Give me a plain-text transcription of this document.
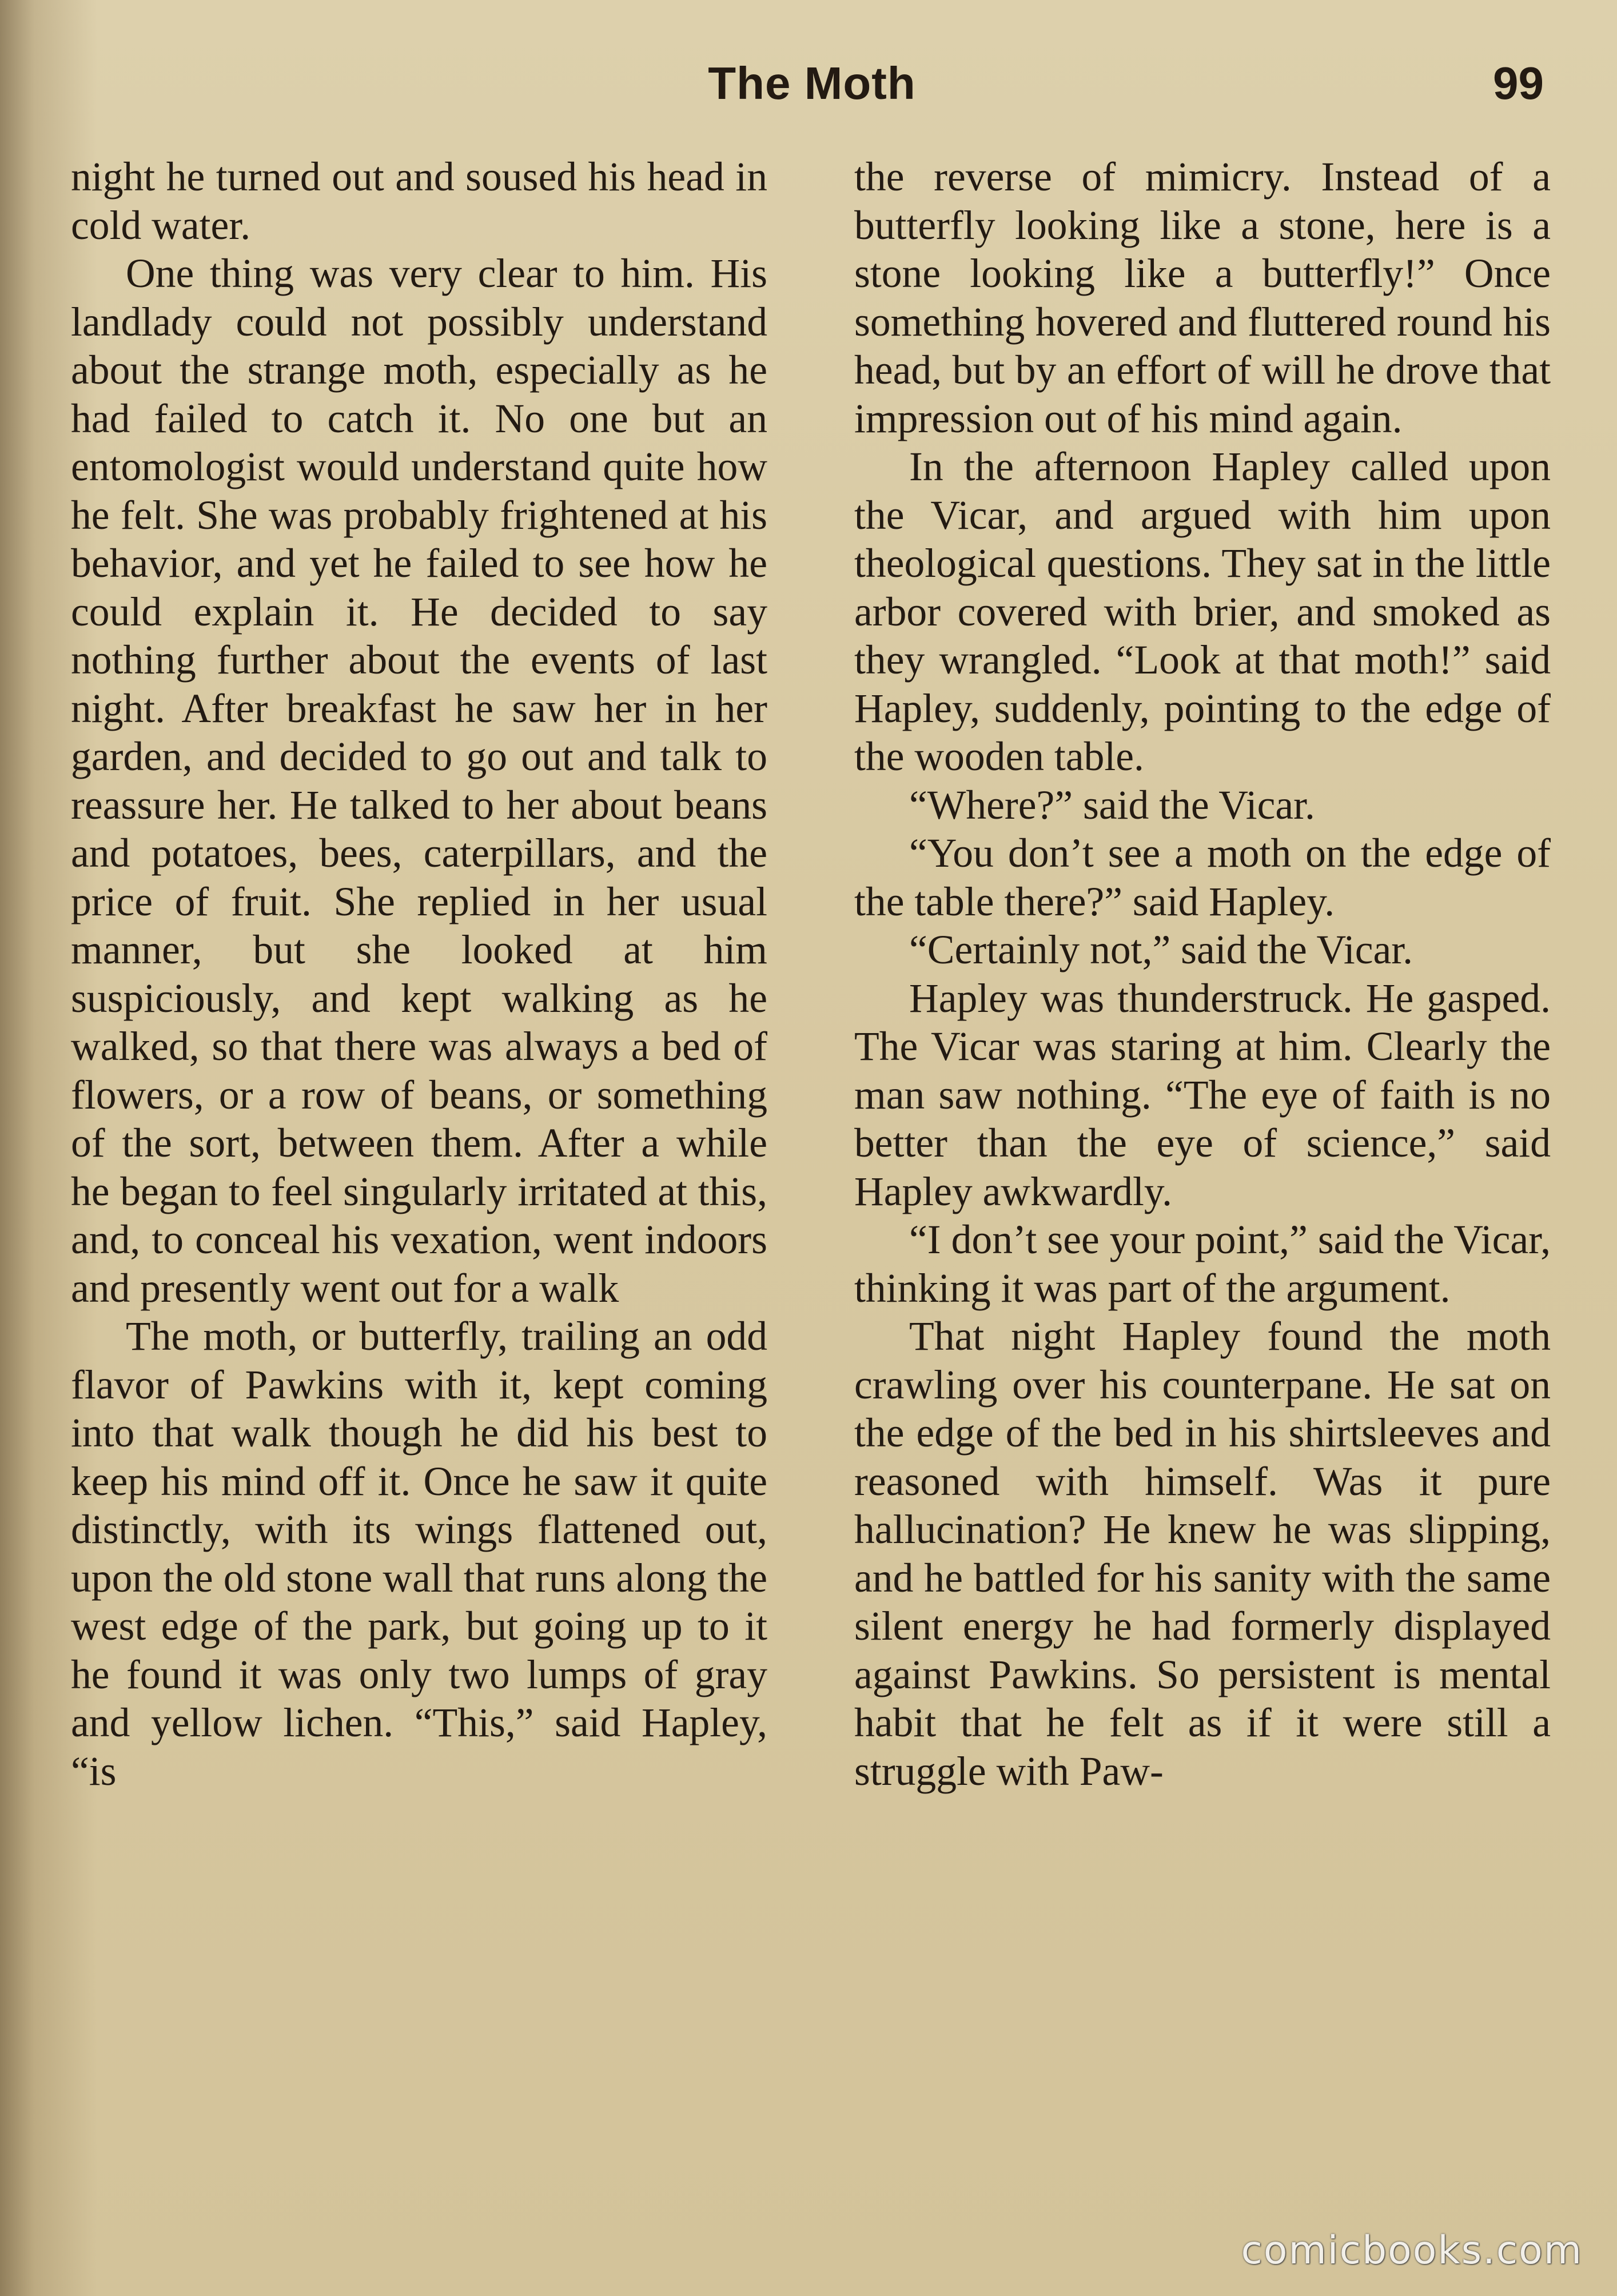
The Moth	99

night he turned out and soused his head in cold water.

One thing was very clear to him. His landlady could not possibly understand about the strange moth, especially as he had failed to catch it. No one but an entomologist would understand quite how he felt. She was probably frightened at his behavior, and yet he failed to see how he could explain it. He decided to say nothing further about the events of last night. After breakfast he saw her in her garden, and decided to go out and talk to reassure her. He talked to her about beans and potatoes, bees, caterpillars, and the price of fruit. She replied in her usual manner, but she looked at him suspiciously, and kept walking as he walked, so that there was always a bed of flowers, or a row of beans, or something of the sort, between them. After a while he began to feel singularly irritated at this, and, to conceal his vexation, went indoors and presently went out for a walk

The moth, or butterfly, trailing an odd flavor of Pawkins with it, kept coming into that walk though he did his best to keep his mind off it. Once he saw it quite distinctly, with its wings flattened out, upon the old stone wall that runs along the west edge of the park, but going up to it he found it was only two lumps of gray and yellow lichen. “This,” said Hapley, “is

the reverse of mimicry. Instead of a butterfly looking like a stone, here is a stone looking like a butterfly!” Once something hovered and fluttered round his head, but by an effort of will he drove that impression out of his mind again.

In the afternoon Hapley called upon the Vicar, and argued with him upon theological questions. They sat in the little arbor covered with brier, and smoked as they wrangled. “Look at that moth!” said Hapley, suddenly, pointing to the edge of the wooden table.

“Where?” said the Vicar.

“You don’t see a moth on the edge of the table there?” said Hapley.

“Certainly not,” said the Vicar.

Hapley was thunderstruck. He gasped. The Vicar was staring at him. Clearly the man saw nothing. “The eye of faith is no better than the eye of science,” said Hapley awkwardly.

“I don’t see your point,” said the Vicar, thinking it was part of the argument.

That night Hapley found the moth crawling over his counterpane. He sat on the edge of the bed in his shirtsleeves and reasoned with himself. Was it pure hallucination? He knew he was slipping, and he battled for his sanity with the same silent energy he had formerly displayed against Pawkins. So persistent is mental habit that he felt as if it were still a struggle with Paw-

comicbooks.com
